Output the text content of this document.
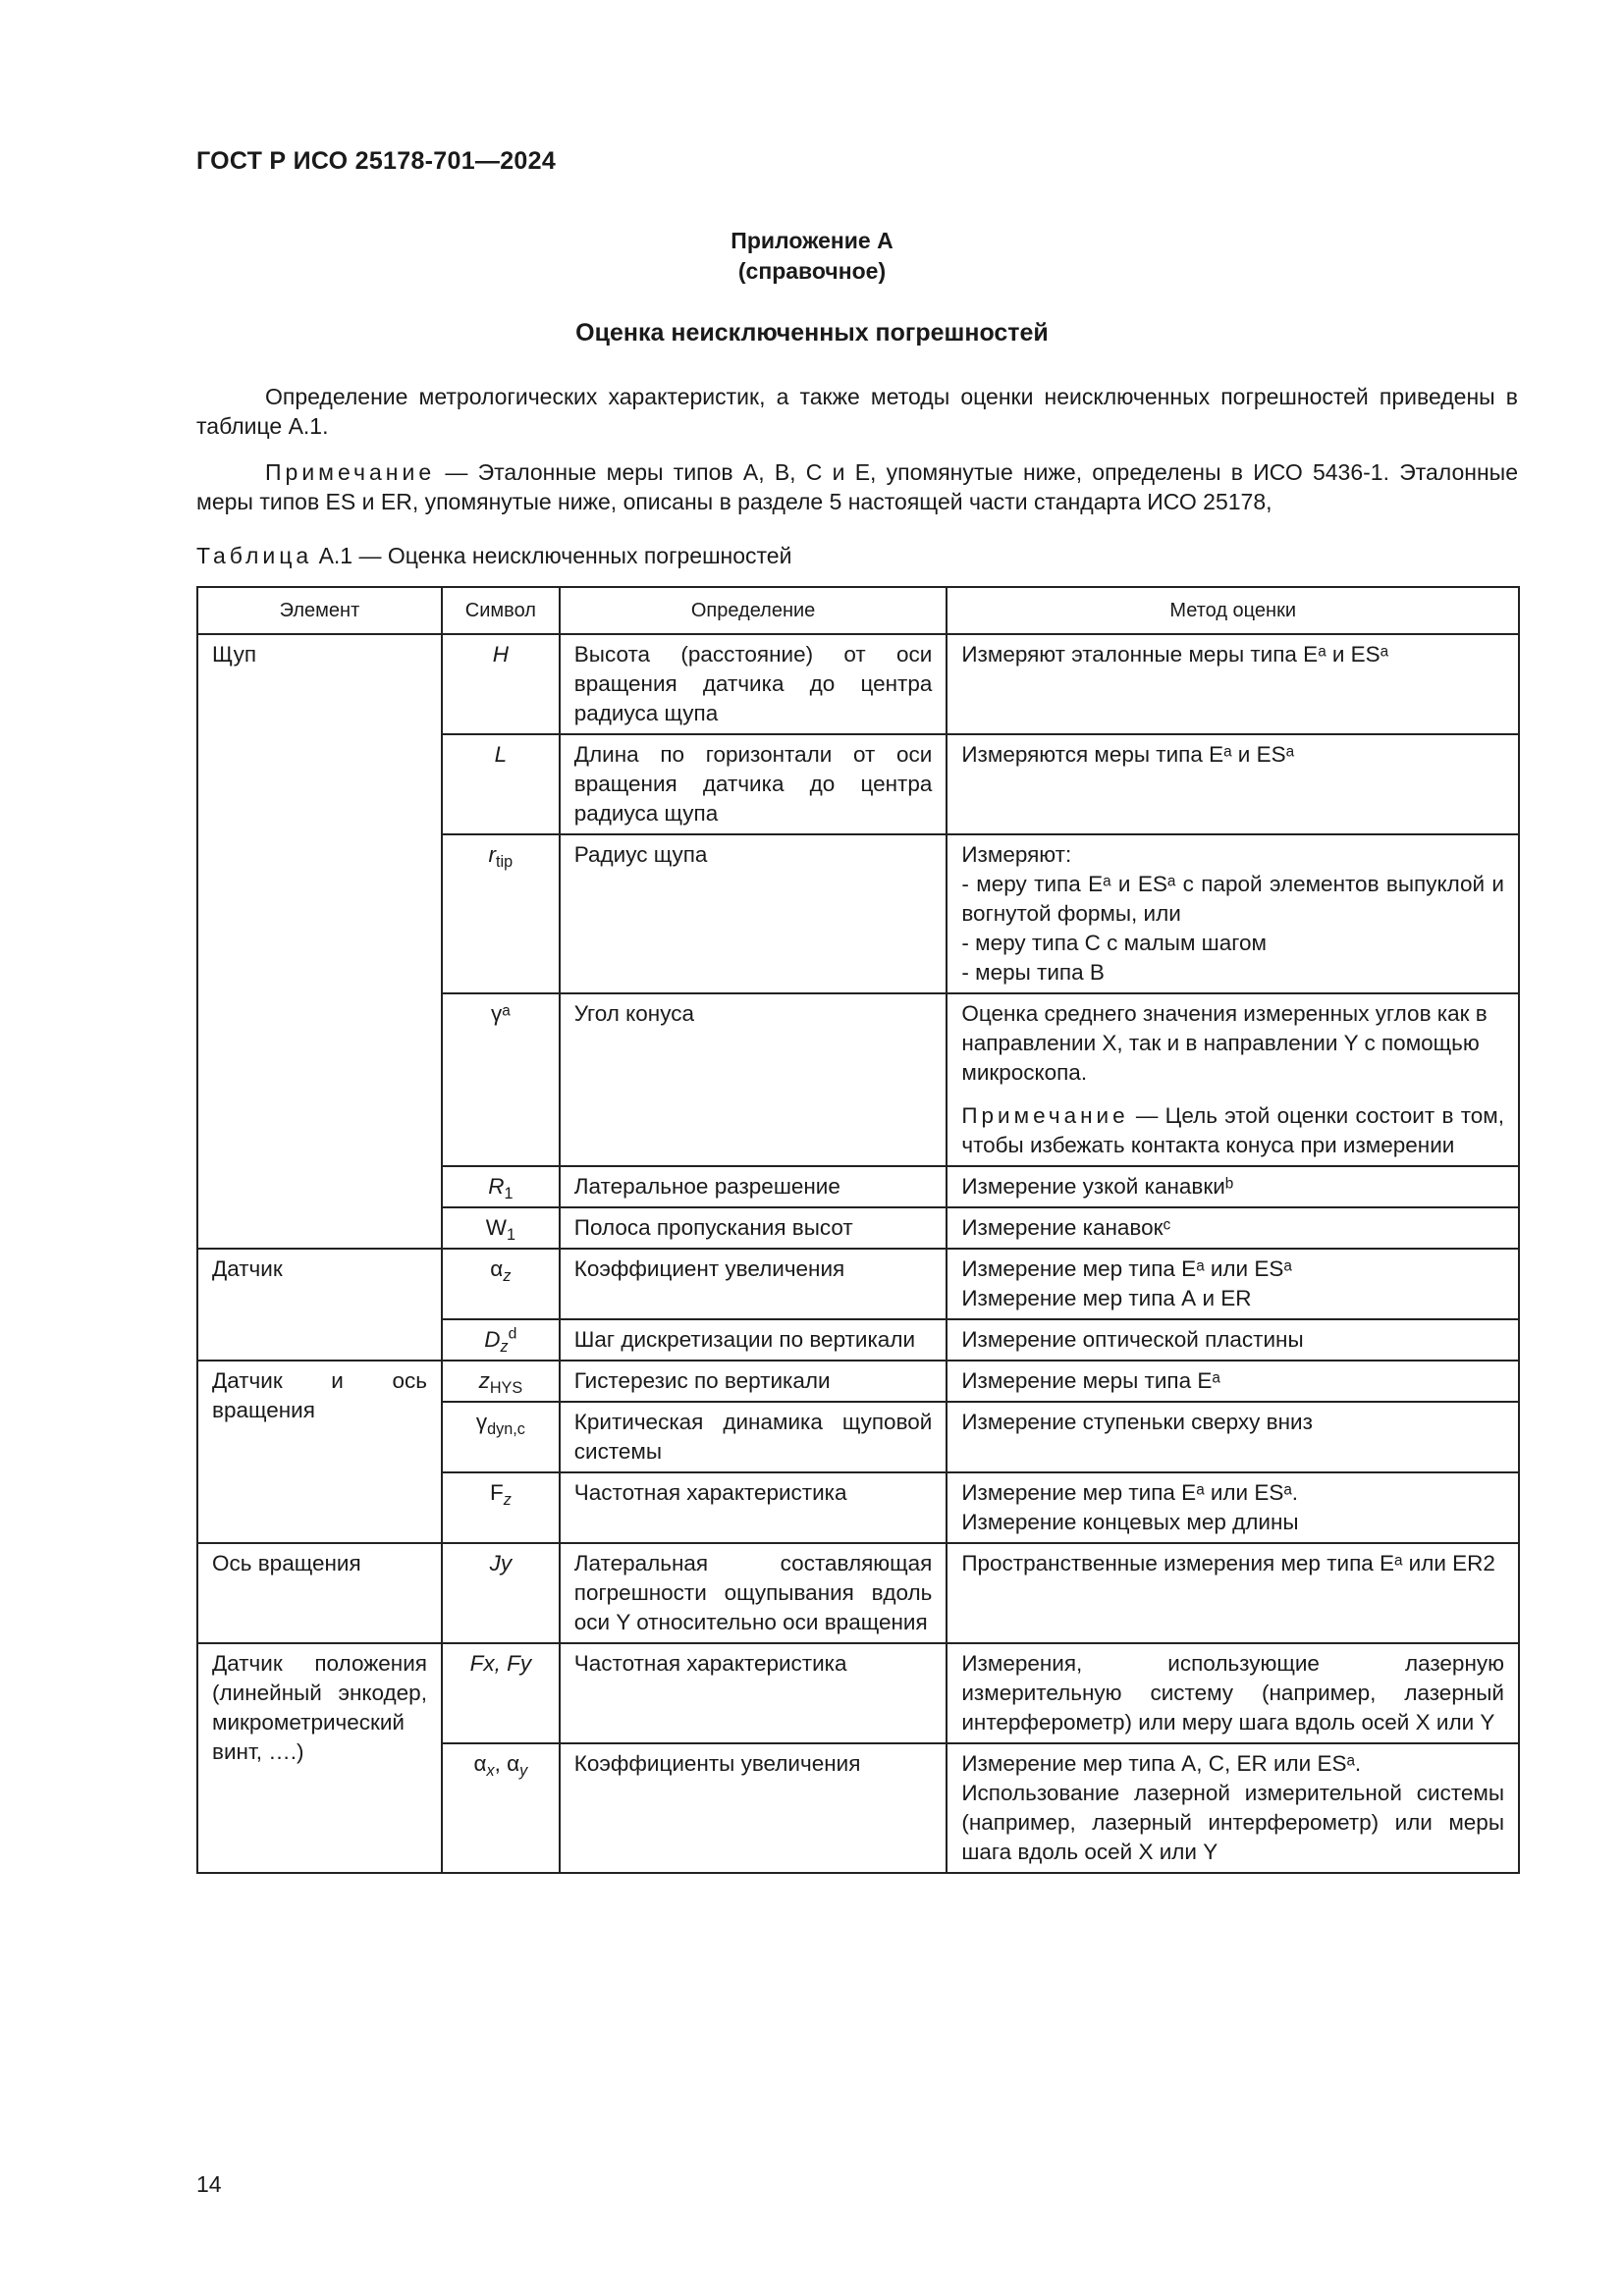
ГОСТ Р ИСО 25178-701—2024
Приложение А
(справочное)
Оценка неисключенных погрешностей
Определение метрологических характеристик, а также методы оценки неисключенных погрешностей приведены в таблице А.1.
Примечание — Эталонные меры типов А, В, С и Е, упомянутые ниже, определены в ИСО 5436-1. Эталонные меры типов ES и ER, упомянутые ниже, описаны в разделе 5 настоящей части стандарта ИСО 25178,
Таблица А.1 — Оценка неисключенных погрешностей
Элемент	Символ	Определение	Метод оценки
Щуп	H	Высота (расстояние) от оси вращения датчика до центра радиуса щупа	Измеряют эталонные меры типа Eᵃ и ESᵃ
	L	Длина по горизонтали от оси вращения датчика до центра радиуса щупа	Измеряются меры типа Eᵃ и ESᵃ
	$r_{tip}$	Радиус щупа	Измеряют:
- меру типа Eᵃ и ESᵃ с парой элементов выпуклой и вогнутой формы, или
- меру типа С с малым шагом
- меры типа В

	γᵃ	Угол конуса	Оценка среднего значения измеренных углов как в направлении X, так и в направлении Y с помощью микроскопа.
Примечание — Цель этой оценки состоит в том, чтобы избежать контакта конуса при измерении

	$R_1$	Латеральное разрешение	Измерение узкой канавкиᵇ
	$W_1$	Полоса пропускания высот	Измерение канавокᶜ
Датчик	$\alpha_z$	Коэффициент увеличения	Измерение мер типа Eᵃ или ESᵃ
Измерение мер типа А и ER

	$D_z^d$	Шаг дискретизации по вертикали	Измерение оптической пластины
Датчик и ось вращения	$z_{HYS}$	Гистерезис по вертикали	Измерение меры типа Eᵃ
	$\gamma_{dyn,c}$	Критическая динамика щуповой системы	Измерение ступеньки сверху вниз
	$F_z$	Частотная характеристика	Измерение мер типа Eᵃ или ESᵃ.
Измерение концевых мер длины

Ось вращения	Jy	Латеральная составляющая погрешности ощупывания вдоль оси Y относительно оси вращения	Пространственные измерения мер типа Eᵃ или ER2
Датчик положения (линейный энкодер, микрометрический винт, ….)	Fx, Fy	Частотная характеристика	Измерения, использующие лазерную измерительную систему (например, лазерный интерферометр) или меру шага вдоль осей X или Y
	$\alpha_x$, $\alpha_y$	Коэффициенты увеличения	Измерение мер типа А, С, ER или ESᵃ.
Использование лазерной измерительной системы (например, лазерный интерферометр) или меры шага вдоль осей X или Y
14
